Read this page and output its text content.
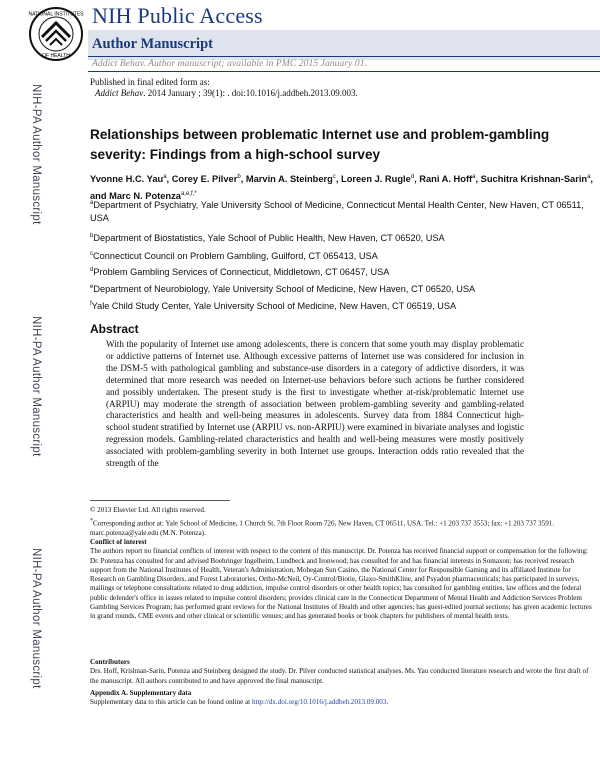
NATIONAL INSTITUTES
OF HEALTH
NIH Public Access
Author Manuscript
Addict Behav. Author manuscript; available in PMC 2015 January 01.
Published in final edited form as:
Addict Behav. 2014 January ; 39(1): . doi:10.1016/j.addbeh.2013.09.003.
NIH-PA Author Manuscript
NIH-PA Author Manuscript
NIH-PA Author Manuscript
Relationships between problematic Internet use and problem-gambling severity: Findings from a high-school survey
Yvonne H.C. Yau$^a$, Corey E. Pilver$^b$, Marvin A. Steinberg$^c$, Loreen J. Rugle$^d$, Rani A. Hoff$^a$, Suchitra Krishnan-Sarin$^a$, and Marc N. Potenza$^{a,e,f,*}$
$^a$Department of Psychiatry, Yale University School of Medicine, Connecticut Mental Health Center, New Haven, CT 06511, USA
$^b$Department of Biostatistics, Yale School of Public Health, New Haven, CT 06520, USA
$^c$Connecticut Council on Problem Gambling, Guilford, CT 065413, USA
$^d$Problem Gambling Services of Connecticut, Middletown, CT 06457, USA
$^e$Department of Neurobiology, Yale University School of Medicine, New Haven, CT 06520, USA
$^f$Yale Child Study Center, Yale University School of Medicine, New Haven, CT 06519, USA
Abstract
With the popularity of Internet use among adolescents, there is concern that some youth may display problematic or addictive patterns of Internet use. Although excessive patterns of Internet use was considered for inclusion in the DSM-5 with pathological gambling and substance-use disorders in a category of addictive disorders, it was determined that more research was needed on Internet-use behaviors before such actions be further considered and possibly undertaken. The present study is the first to investigate whether at-risk/problematic Internet use (ARPIU) may moderate the strength of association between problem-gambling severity and gambling-related characteristics and health and well-being measures in adolescents. Survey data from 1884 Connecticut high-school student stratified by Internet use (ARPIU vs. non-ARPIU) were examined in bivariate analyses and logistic regression models. Gambling-related characteristics and health and well-being measures were mostly positively associated with problem-gambling severity in both Internet use groups. Interaction odds ratio revealed that the strength of the
© 2013 Elsevier Ltd. All rights reserved.
*Corresponding author at: Yale School of Medicine, 1 Church St, 7th Floor Room 726, New Haven, CT 06511, USA. Tel.: +1 203 737 3553; fax: +1 203 737 3591. marc.potenza@yale.edu (M.N. Potenza).
Conflict of interest
The authors report no financial conflicts of interest with respect to the content of this manuscript. Dr. Potenza has received financial support or compensation for the following: Dr. Potenza has consulted for and advised Boehringer Ingelheim, Lundbeck and Ironwood; has consulted for and has financial interests in Somaxon; has received research support from the National Institutes of Health, Veteran's Administration, Mohegan Sun Casino, the National Center for Responsible Gaming and its affiliated Institute for Research on Gambling Disorders, and Forest Laboratories, Ortho-McNeil, Oy-Control/Biotie, Glaxo-SmithKline, and Psyadon pharmaceuticals; has participated in surveys, mailings or telephone consultations related to drug addiction, impulse control disorders or other health topics; has consulted for gambling entities, law offices and the federal public defender's office in issues related to impulse control disorders; provides clinical care in the Connecticut Department of Mental Health and Addiction Services Problem Gambling Services Program; has performed grant reviews for the National Institutes of Health and other agencies; has guest-edited journal sections; has given academic lectures in grand rounds, CME events and other clinical or scientific venues; and has generated books or book chapters for publishers of mental health texts.
Contributors
Drs. Hoff, Krishnan-Sarin, Potenza and Steinberg designed the study. Dr. Pilver conducted statistical analyses. Ms. Yau conducted literature research and wrote the first draft of the manuscript. All authors contributed to and have approved the final manuscript.
Appendix A. Supplementary data
Supplementary data to this article can be found online at http://dx.doi.org/10.1016/j.addbeh.2013.09.003.
